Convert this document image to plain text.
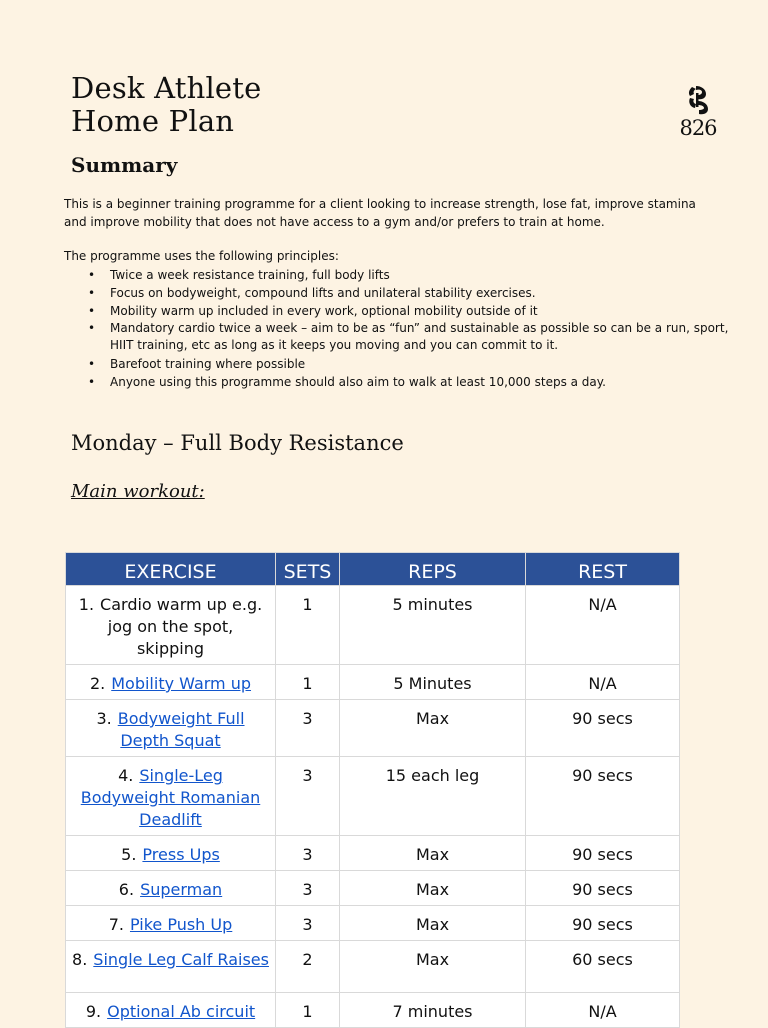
Desk Athlete
Home Plan	826
Summary

This is a beginner training programme for a client looking to increase strength, lose fat, improve stamina and improve mobility that does not have access to a gym and/or prefers to train at home.

The programme uses the following principles:

• Twice a week resistance training, full body lifts
• Focus on bodyweight, compound lifts and unilateral stability exercises.
• Mobility warm up included in every work, optional mobility outside of it
• Mandatory cardio twice a week – aim to be as “fun” and sustainable as possible so can be a run, sport, HIIT training, etc as long as it keeps you moving and you can commit to it.
• Barefoot training where possible
• Anyone using this programme should also aim to walk at least 10,000 steps a day.
Monday – Full Body Resistance
Main workout:
EXERCISE	SETS	REPS	REST
1. Cardio warm up e.g. jog on the spot, skipping	1	5 minutes	N/A
2. Mobility Warm up	1	5 Minutes	N/A
3. Bodyweight Full Depth Squat	3	Max	90 secs
4. Single-Leg Bodyweight Romanian Deadlift	3	15 each leg	90 secs
5. Press Ups	3	Max	90 secs
6. Superman	3	Max	90 secs
7. Pike Push Up	3	Max	90 secs
8. Single Leg Calf Raises	2	Max	60 secs
9. Optional Ab circuit	1	7 minutes	N/A
